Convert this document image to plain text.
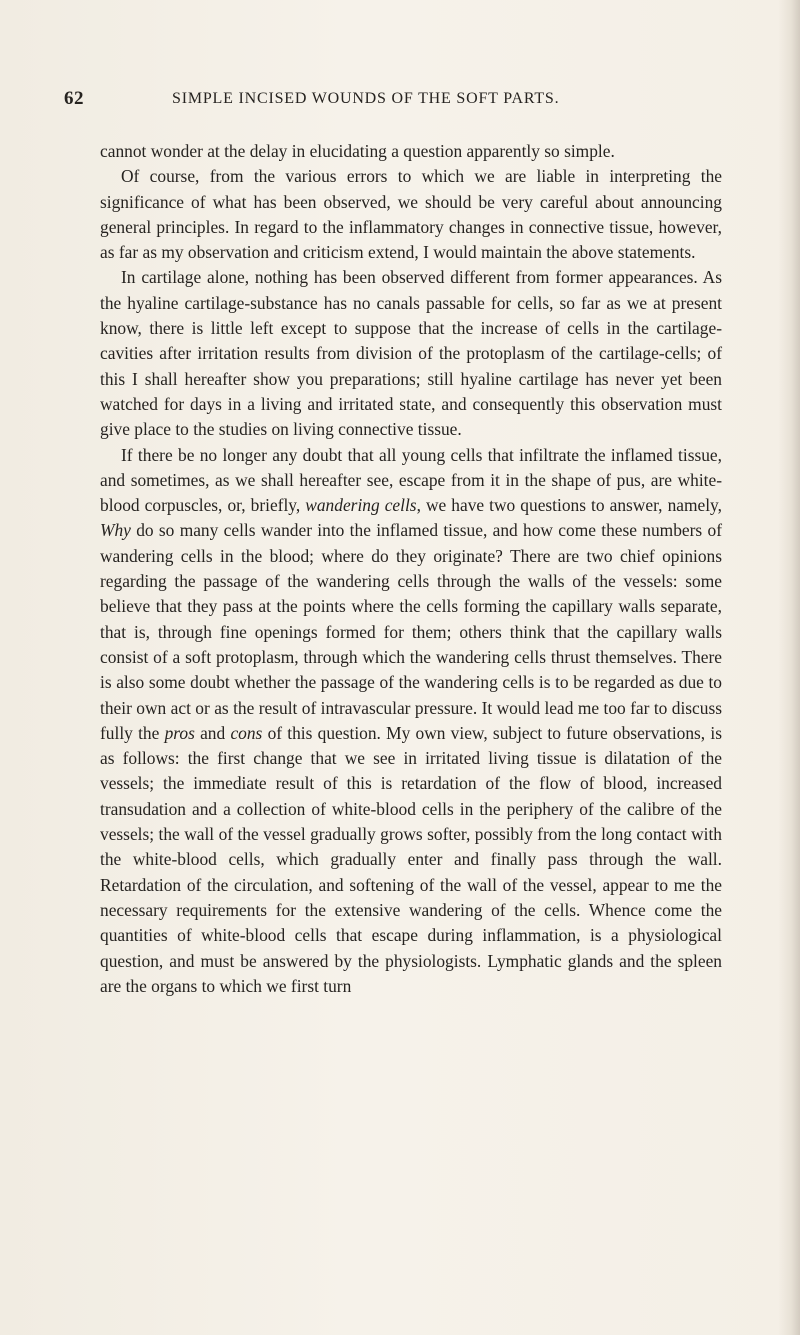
62	SIMPLE INCISED WOUNDS OF THE SOFT PARTS.

cannot wonder at the delay in elucidating a question apparently so simple.

Of course, from the various errors to which we are liable in interpreting the significance of what has been observed, we should be very careful about announcing general principles. In regard to the inflammatory changes in connective tissue, however, as far as my observation and criticism extend, I would maintain the above statements.

In cartilage alone, nothing has been observed different from former appearances. As the hyaline cartilage-substance has no canals passable for cells, so far as we at present know, there is little left except to suppose that the increase of cells in the cartilage-cavities after irritation results from division of the protoplasm of the cartilage-cells; of this I shall hereafter show you preparations; still hyaline cartilage has never yet been watched for days in a living and irritated state, and consequently this observation must give place to the studies on living connective tissue.

If there be no longer any doubt that all young cells that infiltrate the inflamed tissue, and sometimes, as we shall hereafter see, escape from it in the shape of pus, are white-blood corpuscles, or, briefly, wandering cells, we have two questions to answer, namely, Why do so many cells wander into the inflamed tissue, and how come these numbers of wandering cells in the blood; where do they originate? There are two chief opinions regarding the passage of the wandering cells through the walls of the vessels: some believe that they pass at the points where the cells forming the capillary walls separate, that is, through fine openings formed for them; others think that the capillary walls consist of a soft protoplasm, through which the wandering cells thrust themselves. There is also some doubt whether the passage of the wandering cells is to be regarded as due to their own act or as the result of intravascular pressure. It would lead me too far to discuss fully the pros and cons of this question. My own view, subject to future observations, is as follows: the first change that we see in irritated living tissue is dilatation of the vessels; the immediate result of this is retardation of the flow of blood, increased transudation and a collection of white-blood cells in the periphery of the calibre of the vessels; the wall of the vessel gradually grows softer, possibly from the long contact with the white-blood cells, which gradually enter and finally pass through the wall. Retardation of the circulation, and softening of the wall of the vessel, appear to me the necessary requirements for the extensive wandering of the cells. Whence come the quantities of white-blood cells that escape during inflammation, is a physiological question, and must be answered by the physiologists. Lymphatic glands and the spleen are the organs to which we first turn
